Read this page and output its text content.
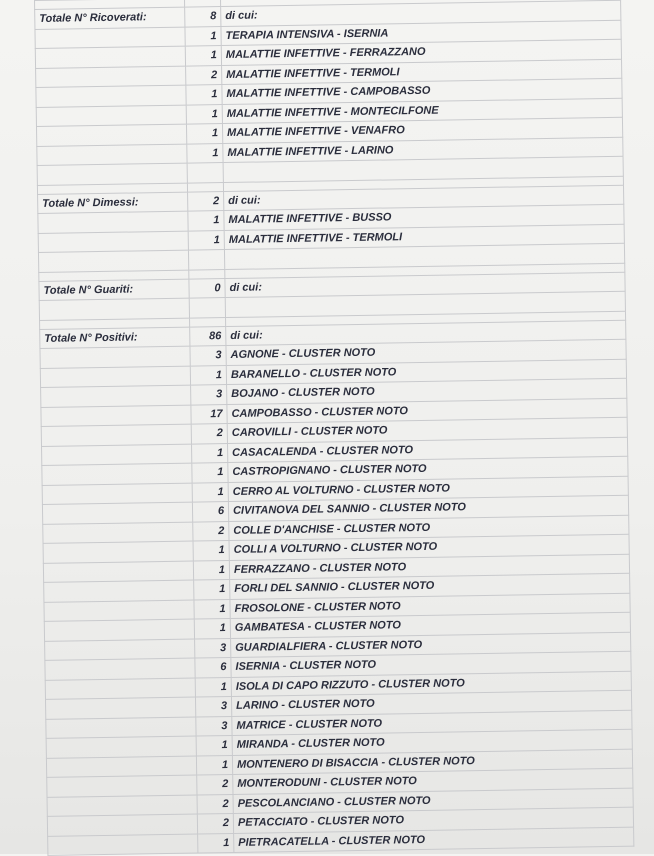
Totale N° Ricoverati:	8	di cui:
	1	TERAPIA INTENSIVA - ISERNIA
	1	MALATTIE INFETTIVE - FERRAZZANO
	2	MALATTIE INFETTIVE - TERMOLI
	1	MALATTIE INFETTIVE - CAMPOBASSO
	1	MALATTIE INFETTIVE - MONTECILFONE
	1	MALATTIE INFETTIVE - VENAFRO
	1	MALATTIE INFETTIVE - LARINO

Totale N° Dimessi:	2	di cui:
	1	MALATTIE INFETTIVE - BUSSO
	1	MALATTIE INFETTIVE - TERMOLI

Totale N° Guariti:	0	di cui:

Totale N° Positivi:	86	di cui:
	3	AGNONE - CLUSTER NOTO
	1	BARANELLO - CLUSTER NOTO
	3	BOJANO - CLUSTER NOTO
	17	CAMPOBASSO - CLUSTER NOTO
	2	CAROVILLI - CLUSTER NOTO
	1	CASACALENDA - CLUSTER NOTO
	1	CASTROPIGNANO - CLUSTER NOTO
	1	CERRO AL VOLTURNO - CLUSTER NOTO
	6	CIVITANOVA DEL SANNIO - CLUSTER NOTO
	2	COLLE D'ANCHISE - CLUSTER NOTO
	1	COLLI A VOLTURNO - CLUSTER NOTO
	1	FERRAZZANO - CLUSTER NOTO
	1	FORLI DEL SANNIO - CLUSTER NOTO
	1	FROSOLONE - CLUSTER NOTO
	1	GAMBATESA - CLUSTER NOTO
	3	GUARDIALFIERA - CLUSTER NOTO
	6	ISERNIA - CLUSTER NOTO
	1	ISOLA DI CAPO RIZZUTO - CLUSTER NOTO
	3	LARINO - CLUSTER NOTO
	3	MATRICE - CLUSTER NOTO
	1	MIRANDA - CLUSTER NOTO
	1	MONTENERO DI BISACCIA - CLUSTER NOTO
	2	MONTERODUNI - CLUSTER NOTO
	2	PESCOLANCIANO - CLUSTER NOTO
	2	PETACCIATO - CLUSTER NOTO
	1	PIETRACATELLA - CLUSTER NOTO
